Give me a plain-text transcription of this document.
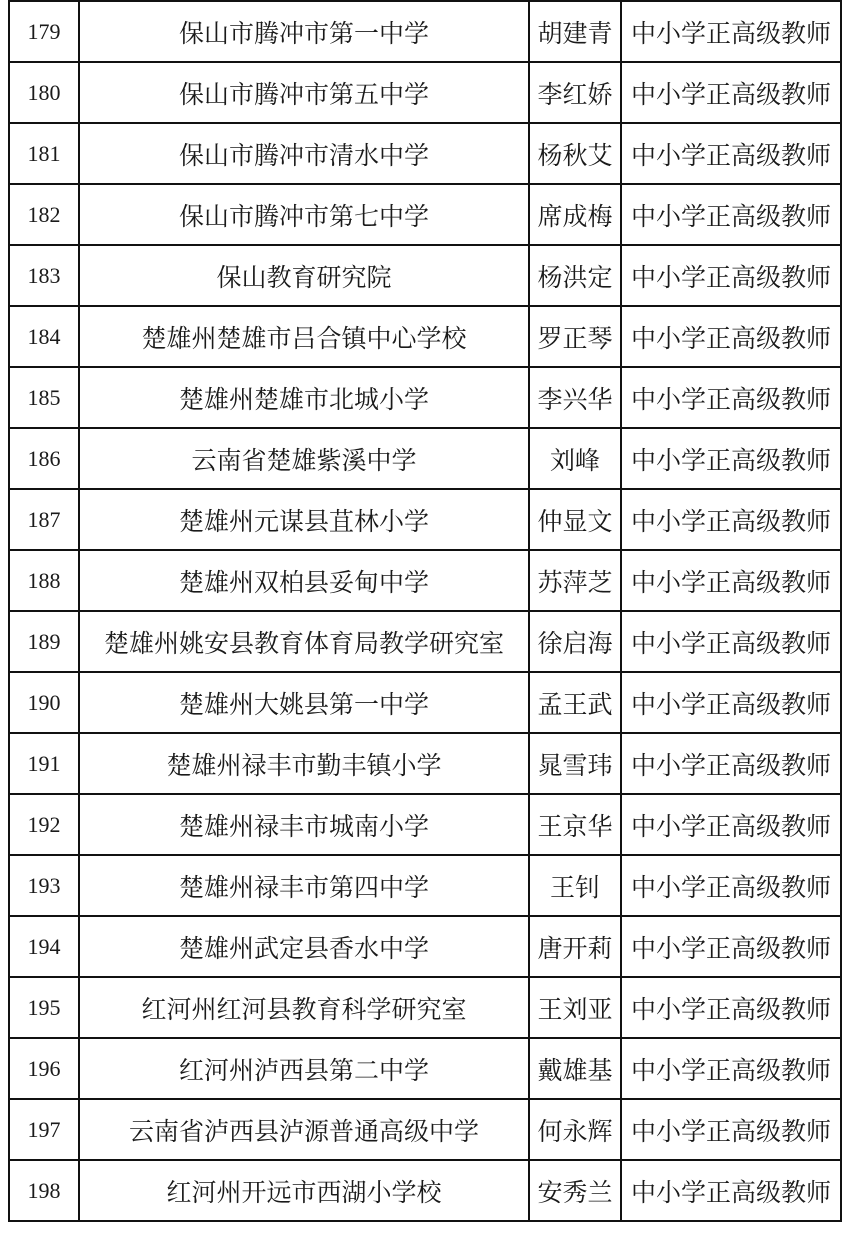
179	保山市腾冲市第一中学	胡建青	中小学正高级教师
180	保山市腾冲市第五中学	李红娇	中小学正高级教师
181	保山市腾冲市清水中学	杨秋艾	中小学正高级教师
182	保山市腾冲市第七中学	席成梅	中小学正高级教师
183	保山教育研究院	杨洪定	中小学正高级教师
184	楚雄州楚雄市吕合镇中心学校	罗正琴	中小学正高级教师
185	楚雄州楚雄市北城小学	李兴华	中小学正高级教师
186	云南省楚雄紫溪中学	刘峰	中小学正高级教师
187	楚雄州元谋县苴林小学	仲显文	中小学正高级教师
188	楚雄州双柏县妥甸中学	苏萍芝	中小学正高级教师
189	楚雄州姚安县教育体育局教学研究室	徐启海	中小学正高级教师
190	楚雄州大姚县第一中学	孟王武	中小学正高级教师
191	楚雄州禄丰市勤丰镇小学	晁雪玮	中小学正高级教师
192	楚雄州禄丰市城南小学	王京华	中小学正高级教师
193	楚雄州禄丰市第四中学	王钊	中小学正高级教师
194	楚雄州武定县香水中学	唐开莉	中小学正高级教师
195	红河州红河县教育科学研究室	王刘亚	中小学正高级教师
196	红河州泸西县第二中学	戴雄基	中小学正高级教师
197	云南省泸西县泸源普通高级中学	何永辉	中小学正高级教师
198	红河州开远市西湖小学校	安秀兰	中小学正高级教师
